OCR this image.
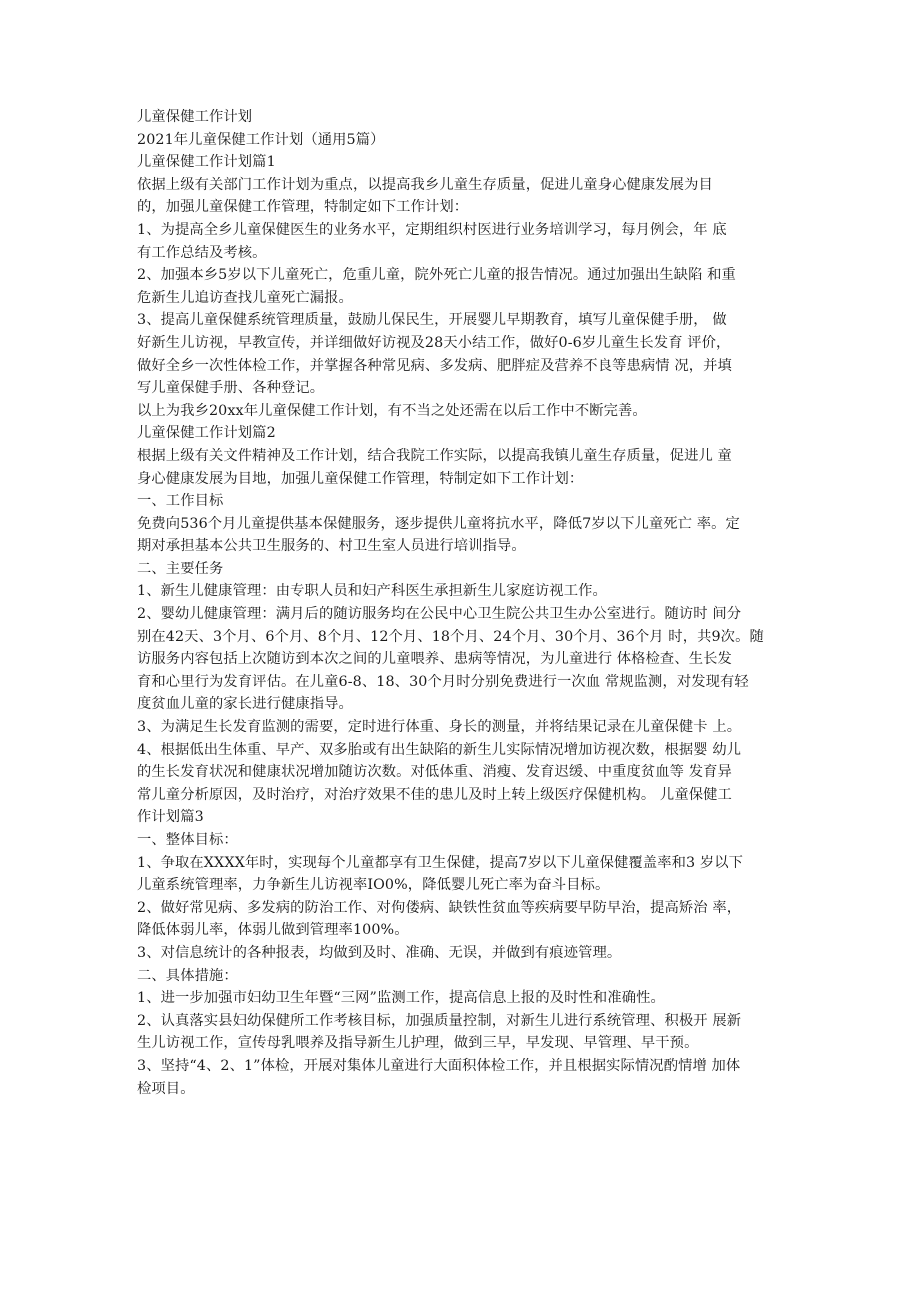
儿童保健工作计划
2021年儿童保健工作计划（通用5篇）
儿童保健工作计划篇1
依据上级有关部门工作计划为重点，以提高我乡儿童生存质量，促进儿童身心健康发展为目
的，加强儿童保健工作管理，特制定如下工作计划：
1、为提高全乡儿童保健医生的业务水平，定期组织村医进行业务培训学习，每月例会，年 底
有工作总结及考核。
2、加强本乡5岁以下儿童死亡，危重儿童，院外死亡儿童的报告情况。通过加强出生缺陷 和重
危新生儿追访查找儿童死亡漏报。
3、提高儿童保健系统管理质量，鼓励儿保民生，开展婴儿早期教育，填写儿童保健手册， 做
好新生儿访视，早教宣传，并详细做好访视及28天小结工作，做好0-6岁儿童生长发育 评价，
做好全乡一次性体检工作，并掌握各种常见病、多发病、肥胖症及营养不良等患病情 况，并填
写儿童保健手册、各种登记。
以上为我乡20xx年儿童保健工作计划，有不当之处还需在以后工作中不断完善。
儿童保健工作计划篇2
根据上级有关文件精神及工作计划，结合我院工作实际，以提高我镇儿童生存质量，促进儿 童
身心健康发展为目地，加强儿童保健工作管理，特制定如下工作计划：
一、工作目标
免费向536个月儿童提供基本保健服务，逐步提供儿童将抗水平，降低7岁以下儿童死亡 率。定
期对承担基本公共卫生服务的、村卫生室人员进行培训指导。
二、主要任务
1、新生儿健康管理：由专职人员和妇产科医生承担新生儿家庭访视工作。
2、婴幼儿健康管理：满月后的随访服务均在公民中心卫生院公共卫生办公室进行。随访时 间分
别在42天、3个月、6个月、8个月、12个月、18个月、24个月、30个月、36个月 时，共9次。随
访服务内容包括上次随访到本次之间的儿童喂养、患病等情况，为儿童进行 体格检查、生长发
育和心里行为发育评估。在儿童6-8、18、30个月时分别免费进行一次血 常规监测，对发现有轻
度贫血儿童的家长进行健康指导。
3、为满足生长发育监测的需要，定时进行体重、身长的测量，并将结果记录在儿童保健卡 上。
4、根据低出生体重、早产、双多胎或有出生缺陷的新生儿实际情况增加访视次数，根据婴 幼儿
的生长发育状况和健康状况增加随访次数。对低体重、消瘦、发育迟缓、中重度贫血等 发育异
常儿童分析原因，及时治疗，对治疗效果不佳的患儿及时上转上级医疗保健机构。 儿童保健工
作计划篇3
一、整体目标：
1、争取在XXXX年时，实现每个儿童都享有卫生保健，提高7岁以下儿童保健覆盖率和3 岁以下
儿童系统管理率，力争新生儿访视率IO0%，降低婴儿死亡率为奋斗目标。
2、做好常见病、多发病的防治工作、对佝偻病、缺铁性贫血等疾病要早防早治，提高矫治 率，
降低体弱儿率，体弱儿做到管理率100%。
3、对信息统计的各种报表，均做到及时、准确、无误，并做到有痕迹管理。
二、具体措施：
1、进一步加强市妇幼卫生年暨“三网”监测工作，提高信息上报的及时性和准确性。
2、认真落实县妇幼保健所工作考核目标，加强质量控制，对新生儿进行系统管理、积极开 展新
生儿访视工作，宣传母乳喂养及指导新生儿护理，做到三早，早发现、早管理、早干预。
3、坚持“4、2、1”体检，开展对集体儿童进行大面积体检工作，并且根据实际情况酌情增 加体
检项目。
